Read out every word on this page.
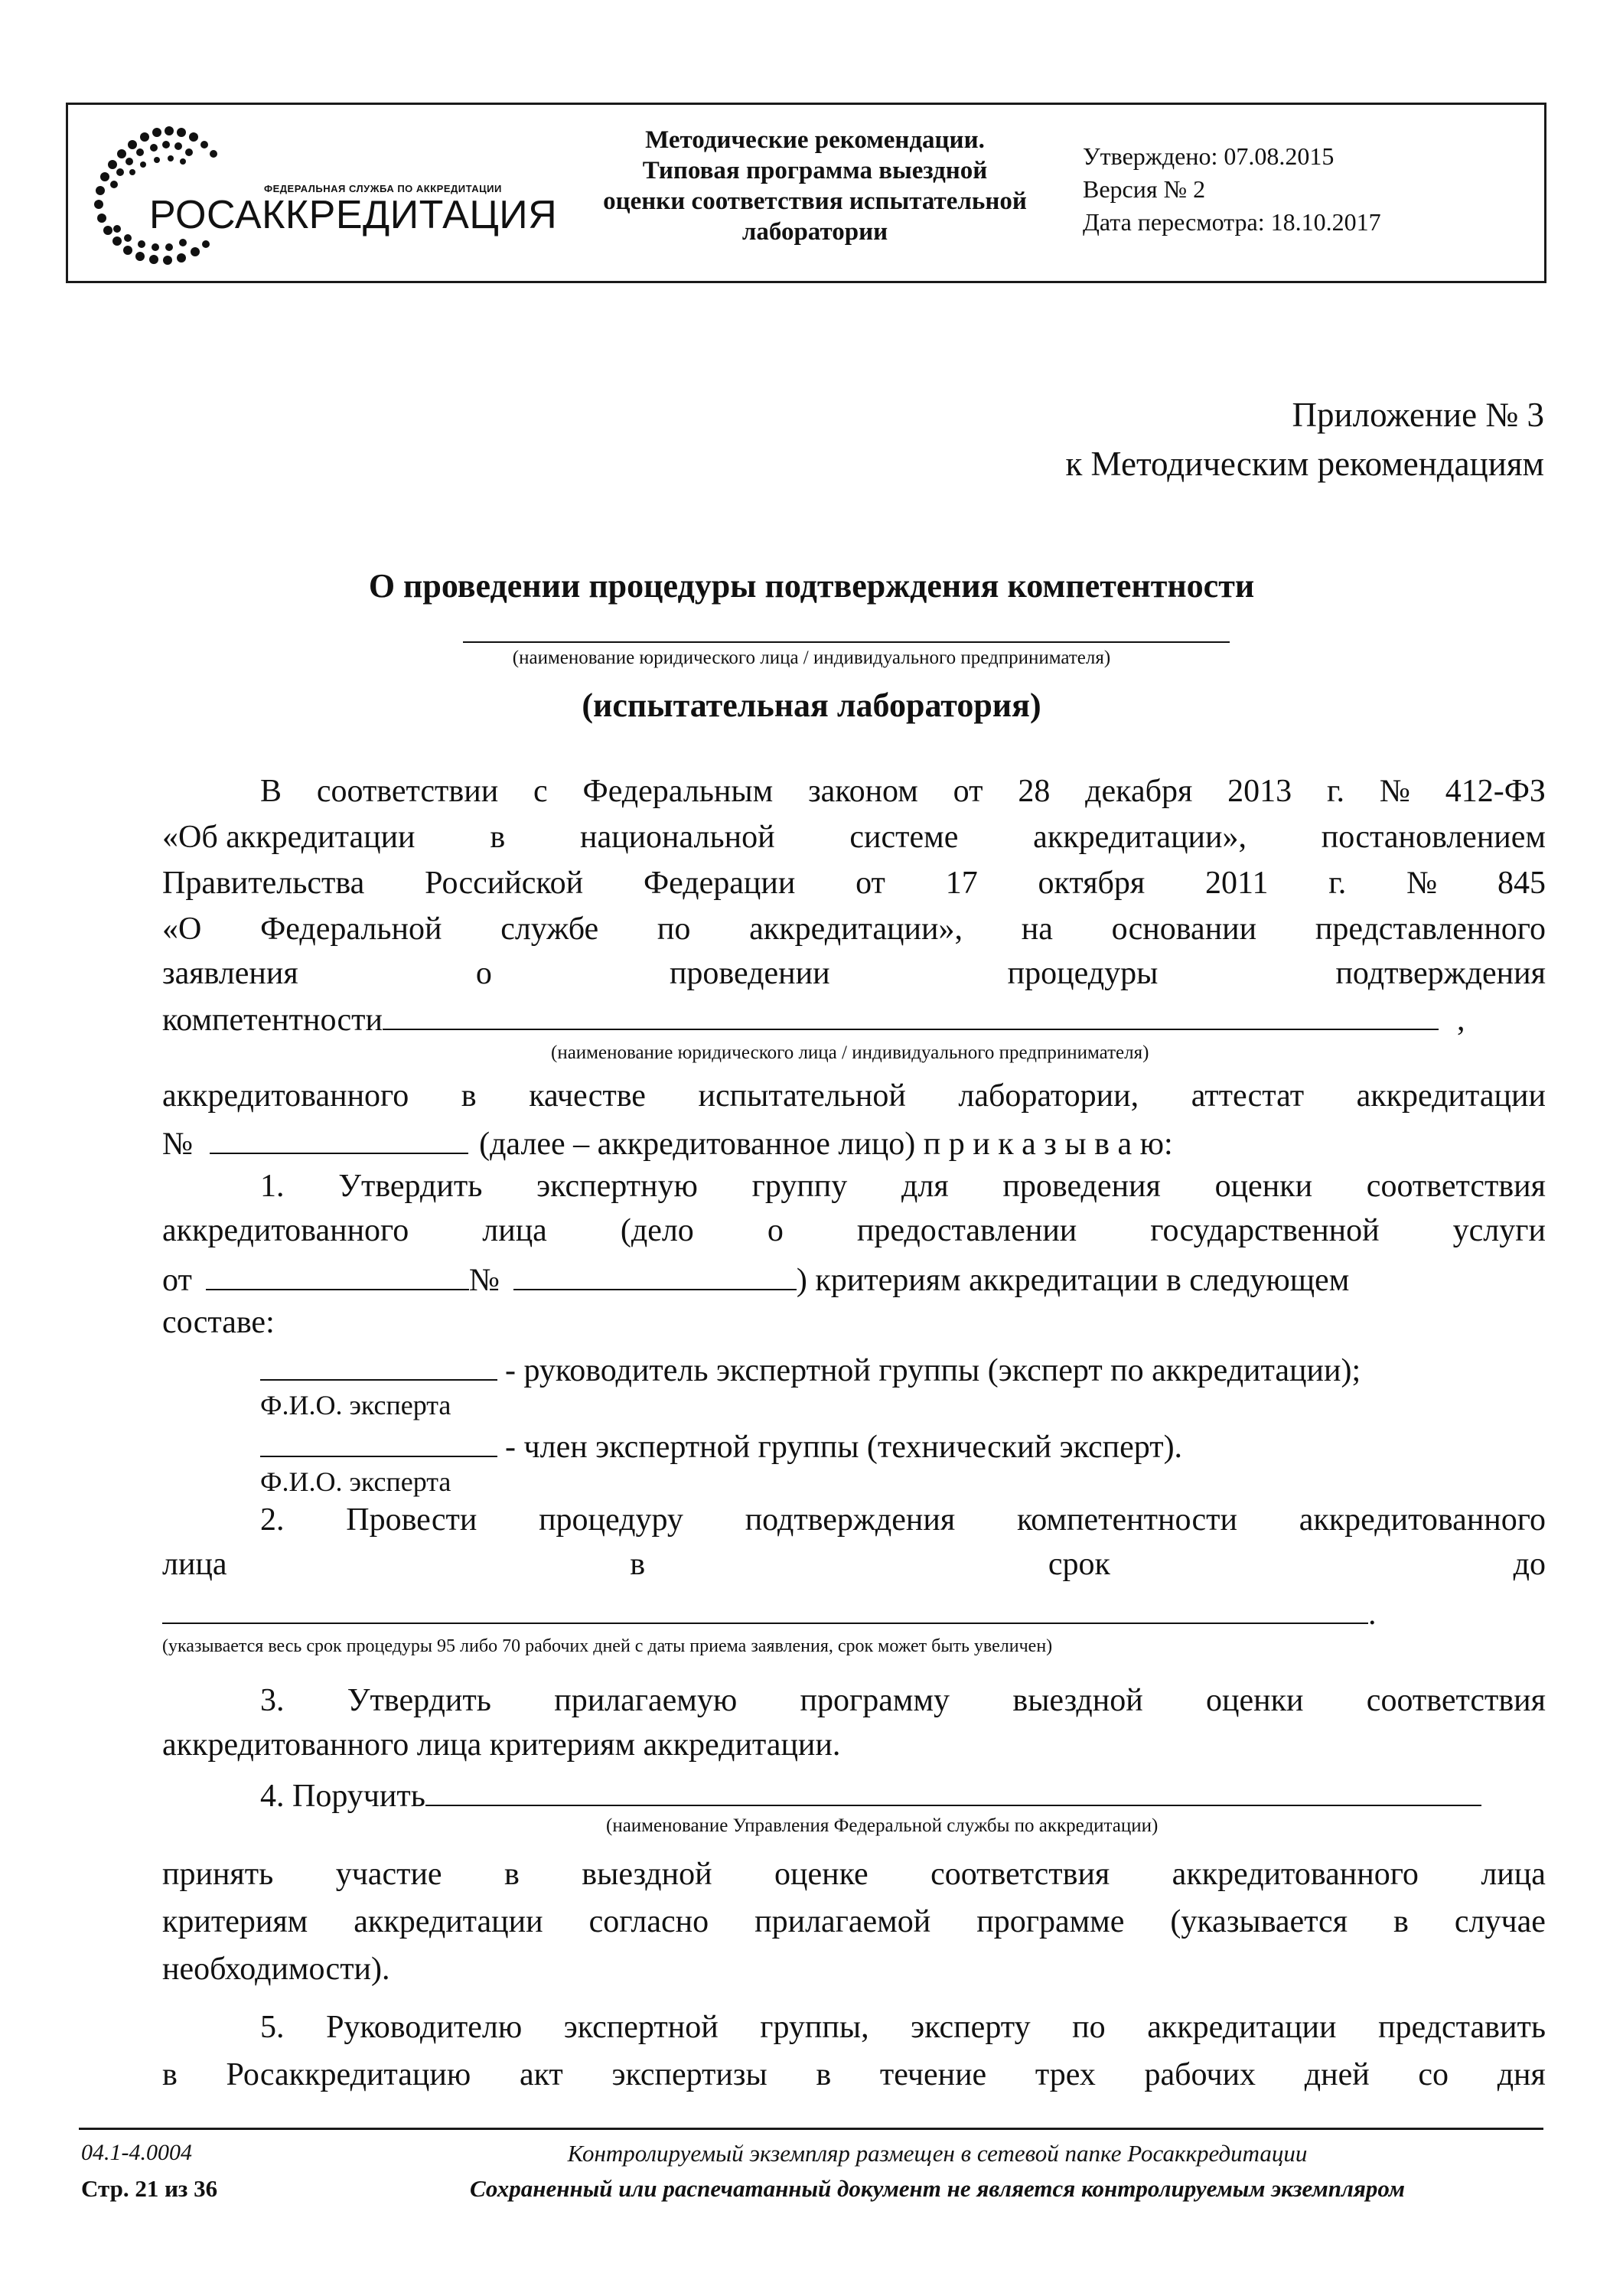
ФЕДЕРАЛЬНАЯ СЛУЖБА ПО АККРЕДИТАЦИИ
РОСАККРЕДИТАЦИЯ
Методические рекомендации.
Типовая программа выездной
оценки соответствия испытательной
лаборатории
Утверждено: 07.08.2015
Версия № 2
Дата пересмотра: 18.10.2017
Приложение № 3
к Методическим рекомендациям
О проведении процедуры подтверждения компетентности
(наименование юридического лица / индивидуального предпринимателя)
(испытательная лаборатория)
В соответствии с Федеральным законом от 28 декабря 2013 г. № 412-ФЗ
«Об аккредитации в национальной системе аккредитации», постановлением
Правительства Российской Федерации от 17 октября 2011 г. № 845
«О Федеральной службе по аккредитации», на основании представленного
заявления	о	проведении	процедуры	подтверждения
компетентности	,
(наименование юридического лица / индивидуального предпринимателя)
аккредитованного в качестве испытательной лаборатории, аттестат аккредитации
№	(далее – аккредитованное лицо) п р и к а з ы в а ю:
1. Утвердить экспертную группу для проведения оценки соответствия
аккредитованного лица (дело о предоставлении государственной услуги
от	№	) критериям аккредитации в следующем
составе:
- руководитель экспертной группы (эксперт по аккредитации);
Ф.И.О. эксперта
- член экспертной группы (технический эксперт).
Ф.И.О. эксперта
2. Провести процедуру подтверждения компетентности аккредитованного
лица	в	срок	до
.
(указывается весь срок процедуры 95 либо 70 рабочих дней с даты приема заявления, срок может быть увеличен)
3. Утвердить прилагаемую программу выездной оценки соответствия
аккредитованного лица критериям аккредитации.
4. Поручить
(наименование Управления Федеральной службы по аккредитации)
принять участие в выездной оценке соответствия аккредитованного лица
критериям аккредитации согласно прилагаемой программе (указывается в случае
необходимости).
5. Руководителю экспертной группы, эксперту по аккредитации представить
в Росаккредитацию акт экспертизы в течение трех рабочих дней со дня
04.1-4.0004
Стр. 21 из 36
Контролируемый экземпляр размещен в сетевой папке Росаккредитации
Сохраненный или распечатанный документ не является контролируемым экземпляром
